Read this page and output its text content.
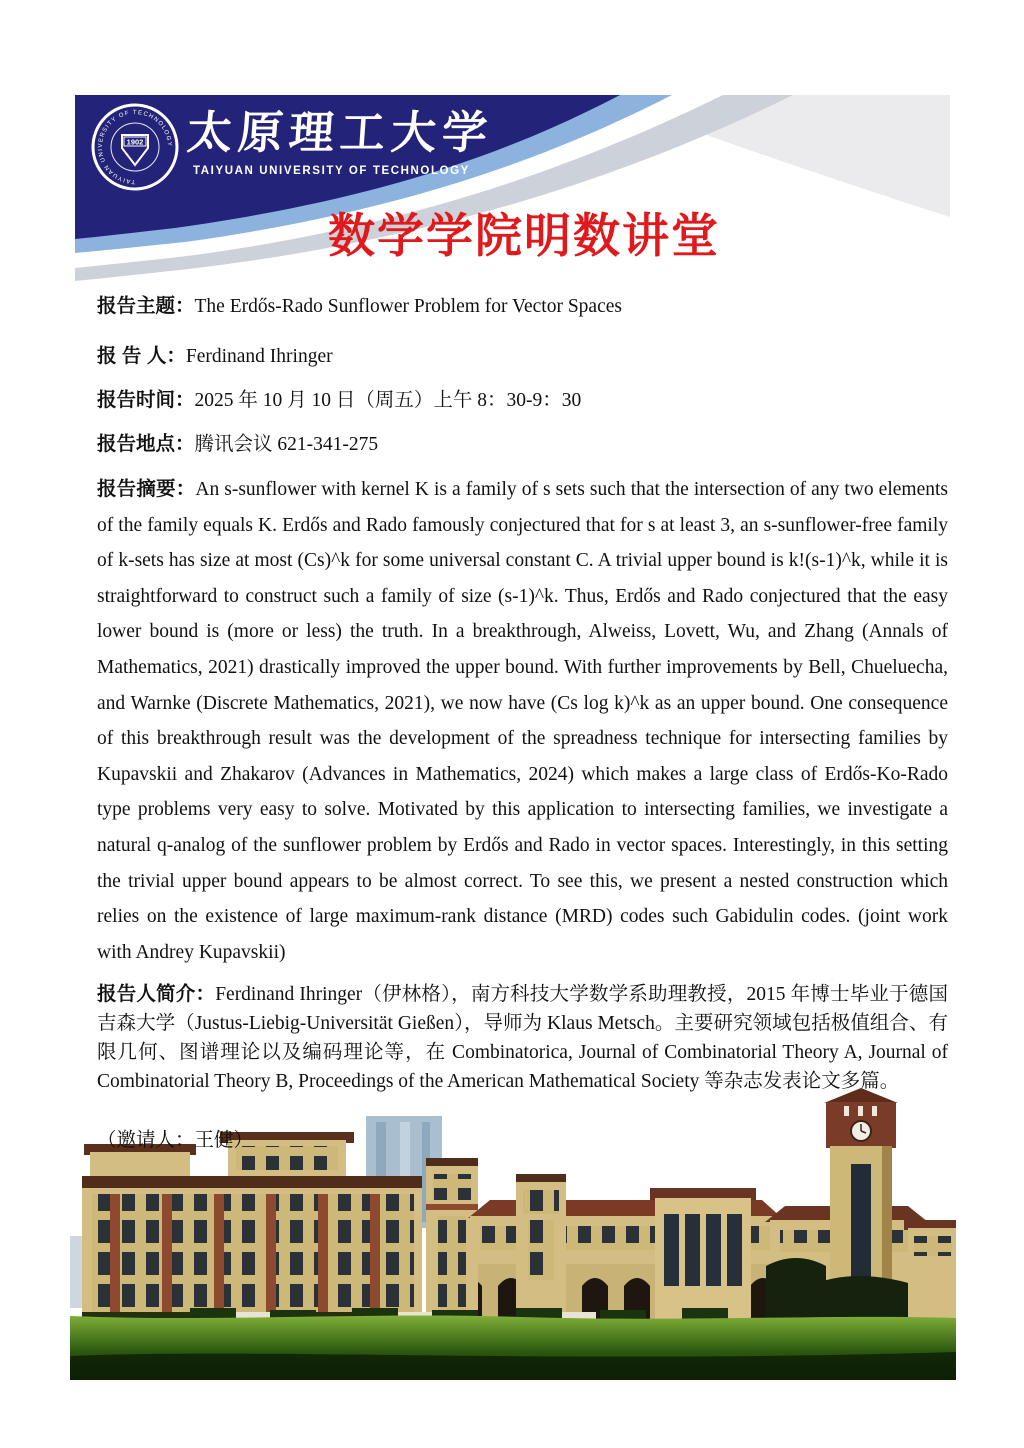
TAIYUAN UNIVERSITY OF TECHNOLOGY
1902 太原理工大学
TAIYUAN UNIVERSITY OF TECHNOLOGY
数学学院明数讲堂
报告主题：The Erdős-Rado Sunflower Problem for Vector Spaces
报 告 人：Ferdinand Ihringer
报告时间：2025 年 10 月 10 日（周五）上午 8：30-9：30
报告地点：腾讯会议 621-341-275

报告摘要：An s-sunflower with kernel K is a family of s sets such that the intersection of any two elements of the family equals K. Erdős and Rado famously conjectured that for s at least 3, an s-sunflower-free family of k-sets has size at most (Cs)^k for some universal constant C. A trivial upper bound is k!(s-1)^k, while it is straightforward to construct such a family of size (s-1)^k. Thus, Erdős and Rado conjectured that the easy lower bound is (more or less) the truth. In a breakthrough, Alweiss, Lovett, Wu, and Zhang (Annals of Mathematics, 2021) drastically improved the upper bound. With further improvements by Bell, Chueluecha, and Warnke (Discrete Mathematics, 2021), we now have (Cs log k)^k as an upper bound. One consequence of this breakthrough result was the development of the spreadness technique for intersecting families by Kupavskii and Zhakarov (Advances in Mathematics, 2024) which makes a large class of Erdős-Ko-Rado type problems very easy to solve. Motivated by this application to intersecting families, we investigate a natural q-analog of the sunflower problem by Erdős and Rado in vector spaces. Interestingly, in this setting the trivial upper bound appears to be almost correct. To see this, we present a nested construction which relies on the existence of large maximum-rank distance (MRD) codes such Gabidulin codes. (joint work with Andrey Kupavskii)

报告人简介：Ferdinand Ihringer（伊林格），南方科技大学数学系助理教授，2015 年博士毕业于德国吉森大学（Justus-Liebig-Universität Gießen），导师为 Klaus Metsch。主要研究领域包括极值组合、有限几何、图谱理论以及编码理论等，在 Combinatorica, Journal of Combinatorial Theory A, Journal of Combinatorial Theory B, Proceedings of the American Mathematical Society 等杂志发表论文多篇。

（邀请人：王健）
